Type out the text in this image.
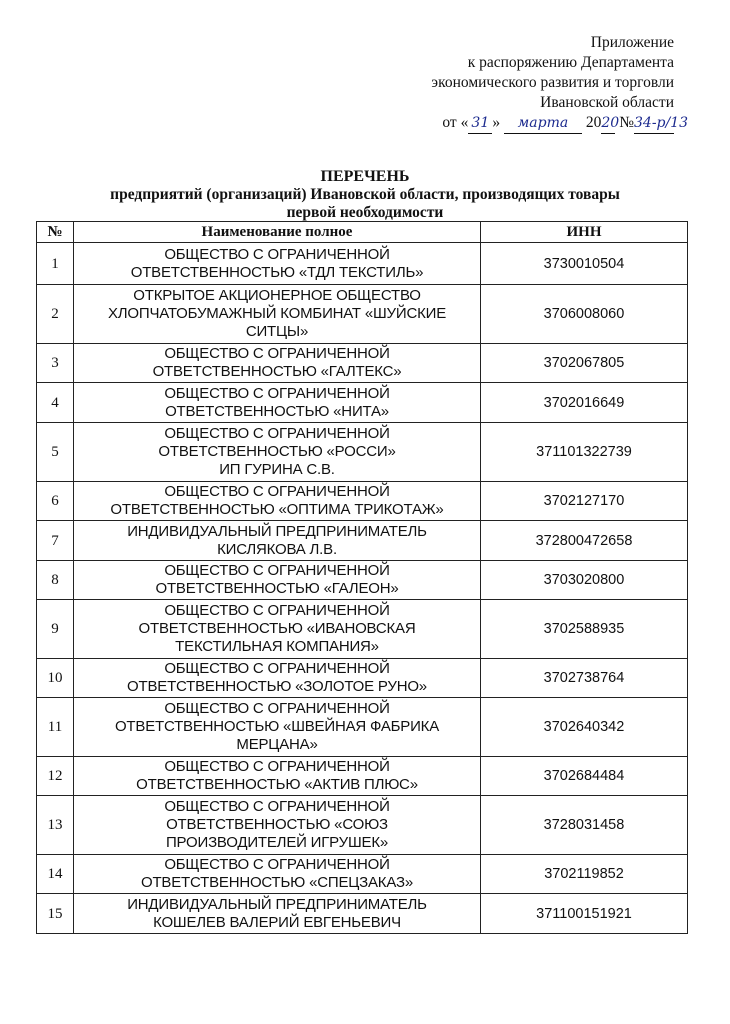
Приложение
к распоряжению Департамента
экономического развития и торговли
Ивановской области
от « 31 » марта 2020 №34-р/13
ПЕРЕЧЕНЬ
предприятий (организаций) Ивановской области, производящих товары
первой необходимости
№	Наименование полное	ИНН
1	ОБЩЕСТВО С ОГРАНИЧЕННОЙ
ОТВЕТСТВЕННОСТЬЮ «ТДЛ ТЕКСТИЛЬ»	3730010504
2	ОТКРЫТОЕ АКЦИОНЕРНОЕ ОБЩЕСТВО
ХЛОПЧАТОБУМАЖНЫЙ КОМБИНАТ «ШУЙСКИЕ
СИТЦЫ»	3706008060
3	ОБЩЕСТВО С ОГРАНИЧЕННОЙ
ОТВЕТСТВЕННОСТЬЮ «ГАЛТЕКС»	3702067805
4	ОБЩЕСТВО С ОГРАНИЧЕННОЙ
ОТВЕТСТВЕННОСТЬЮ «НИТА»	3702016649
5	ОБЩЕСТВО С ОГРАНИЧЕННОЙ
ОТВЕТСТВЕННОСТЬЮ «РОССИ»
ИП ГУРИНА С.В.	371101322739
6	ОБЩЕСТВО С ОГРАНИЧЕННОЙ
ОТВЕТСТВЕННОСТЬЮ «ОПТИМА ТРИКОТАЖ»	3702127170
7	ИНДИВИДУАЛЬНЫЙ ПРЕДПРИНИМАТЕЛЬ
КИСЛЯКОВА Л.В.	372800472658
8	ОБЩЕСТВО С ОГРАНИЧЕННОЙ
ОТВЕТСТВЕННОСТЬЮ «ГАЛЕОН»	3703020800
9	ОБЩЕСТВО С ОГРАНИЧЕННОЙ
ОТВЕТСТВЕННОСТЬЮ «ИВАНОВСКАЯ
ТЕКСТИЛЬНАЯ КОМПАНИЯ»	3702588935
10	ОБЩЕСТВО С ОГРАНИЧЕННОЙ
ОТВЕТСТВЕННОСТЬЮ «ЗОЛОТОЕ РУНО»	3702738764
11	ОБЩЕСТВО С ОГРАНИЧЕННОЙ
ОТВЕТСТВЕННОСТЬЮ «ШВЕЙНАЯ ФАБРИКА
МЕРЦАНА»	3702640342
12	ОБЩЕСТВО С ОГРАНИЧЕННОЙ
ОТВЕТСТВЕННОСТЬЮ «АКТИВ ПЛЮС»	3702684484
13	ОБЩЕСТВО С ОГРАНИЧЕННОЙ
ОТВЕТСТВЕННОСТЬЮ «СОЮЗ
ПРОИЗВОДИТЕЛЕЙ ИГРУШЕК»	3728031458
14	ОБЩЕСТВО С ОГРАНИЧЕННОЙ
ОТВЕТСТВЕННОСТЬЮ «СПЕЦЗАКАЗ»	3702119852
15	ИНДИВИДУАЛЬНЫЙ ПРЕДПРИНИМАТЕЛЬ
КОШЕЛЕВ ВАЛЕРИЙ ЕВГЕНЬЕВИЧ	371100151921
